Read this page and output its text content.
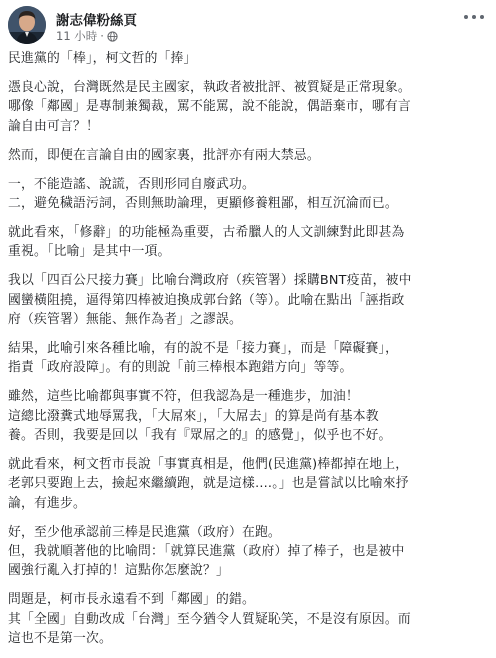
謝志偉粉絲頁
11 小時 ·

民進黨的「棒」，柯文哲的「捧」

憑良心說，台灣既然是民主國家，執政者被批評、被質疑是正常現象。
哪像「鄰國」是專制兼獨裁，罵不能罵，說不能說，偶語棄市，哪有言
論自由可言？！

然而，即便在言論自由的國家裏，批評亦有兩大禁忌。

一，不能造謠、說謊，否則形同自廢武功。
二，避免穢語污詞，否則無助論理，更顯修養粗鄙，相互沉淪而已。

就此看來，「修辭」的功能極為重要，古希臘人的人文訓練對此即甚為
重視。「比喻」是其中一項。

我以「四百公尺接力賽」比喻台灣政府（疾管署）採購BNT疫苗，被中
國蠻橫阻撓，逼得第四棒被迫換成郭台銘（等）。此喻在點出「誣指政
府（疾管署）無能、無作為者」之謬誤。

結果，此喻引來各種比喻，有的說不是「接力賽」，而是「障礙賽」，
指責「政府設障」。有的則說「前三棒根本跑錯方向」等等。

雖然，這些比喻都與事實不符，但我認為是一種進步，加油！
這總比潑糞式地辱罵我，「大屌來」，「大屌去」的算是尚有基本教
養。否則，我要是回以「我有『眾屌之的』的感覺」，似乎也不好。

就此看來，柯文哲市長說「事實真相是，他們(民進黨)棒都掉在地上，
老郭只要跑上去，撿起來繼續跑，就是這樣….。」也是嘗試以比喻來抒
論，有進步。

好，至少他承認前三棒是民進黨（政府）在跑。
但，我就順著他的比喻問：「就算民進黨（政府）掉了棒子，也是被中
國強行亂入打掉的！這點你怎麼說？」

問題是，柯市長永遠看不到「鄰國」的錯。
其「全國」自動改成「台灣」至今猶令人質疑恥笑，不是沒有原因。而
這也不是第一次。
